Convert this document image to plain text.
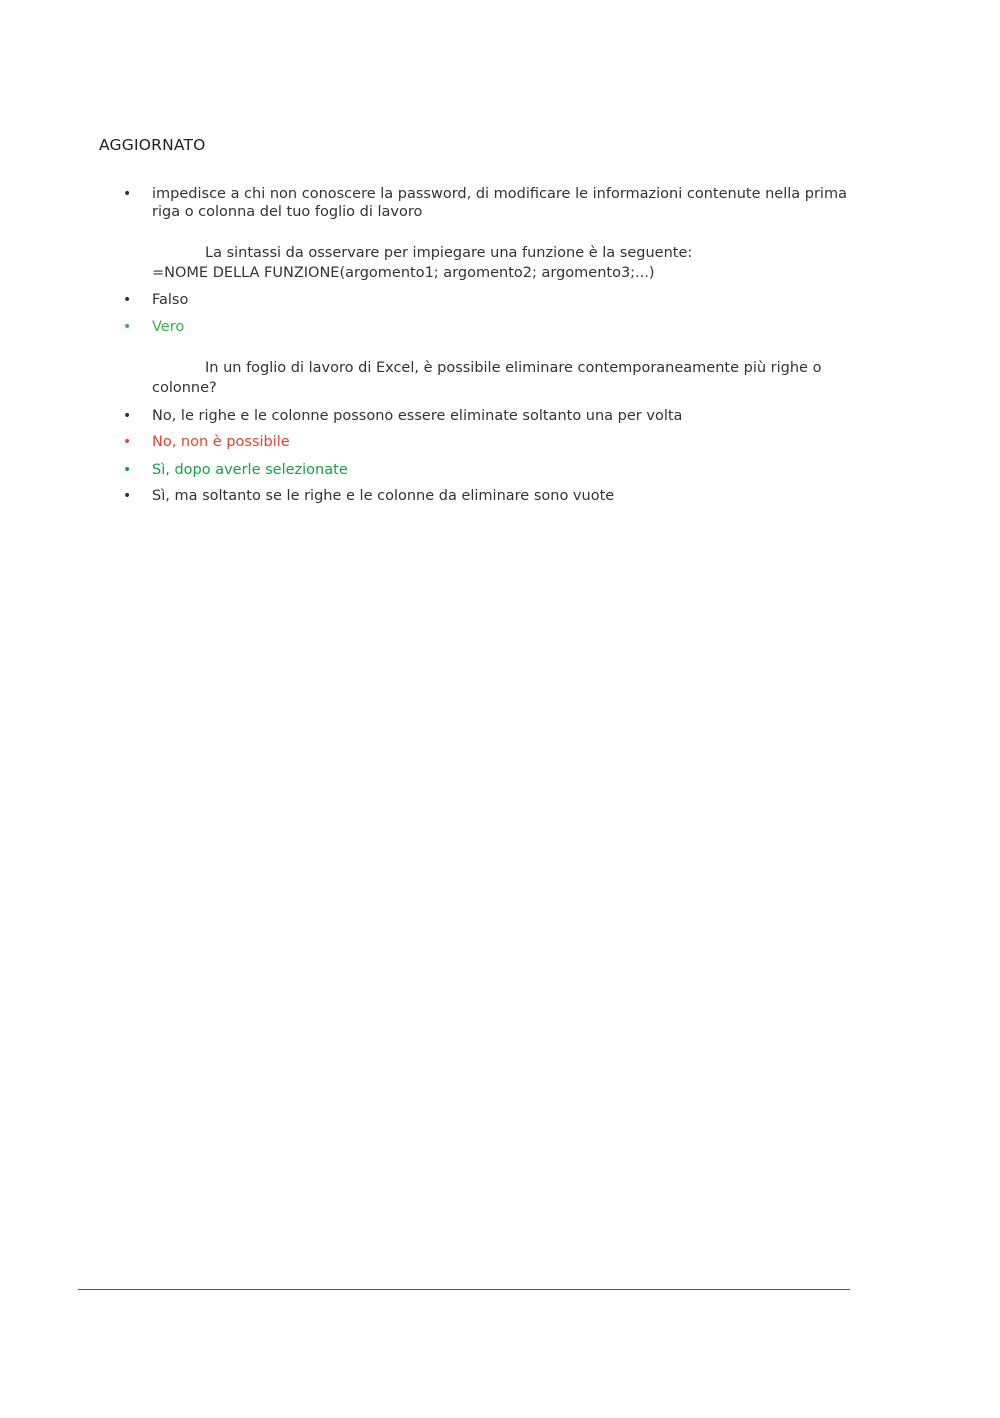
AGGIORNATO
•	impedisce a chi non conoscere la password, di modificare le informazioni contenute nella prima
riga o colonna del tuo foglio di lavoro
La sintassi da osservare per impiegare una funzione è la seguente:
=NOME DELLA FUNZIONE(argomento1; argomento2; argomento3;...)
•	Falso
•	Vero
In un foglio di lavoro di Excel, è possibile eliminare contemporaneamente più righe o
colonne?
•	No, le righe e le colonne possono essere eliminate soltanto una per volta
•	No, non è possibile
•	Sì, dopo averle selezionate
•	Sì, ma soltanto se le righe e le colonne da eliminare sono vuote
